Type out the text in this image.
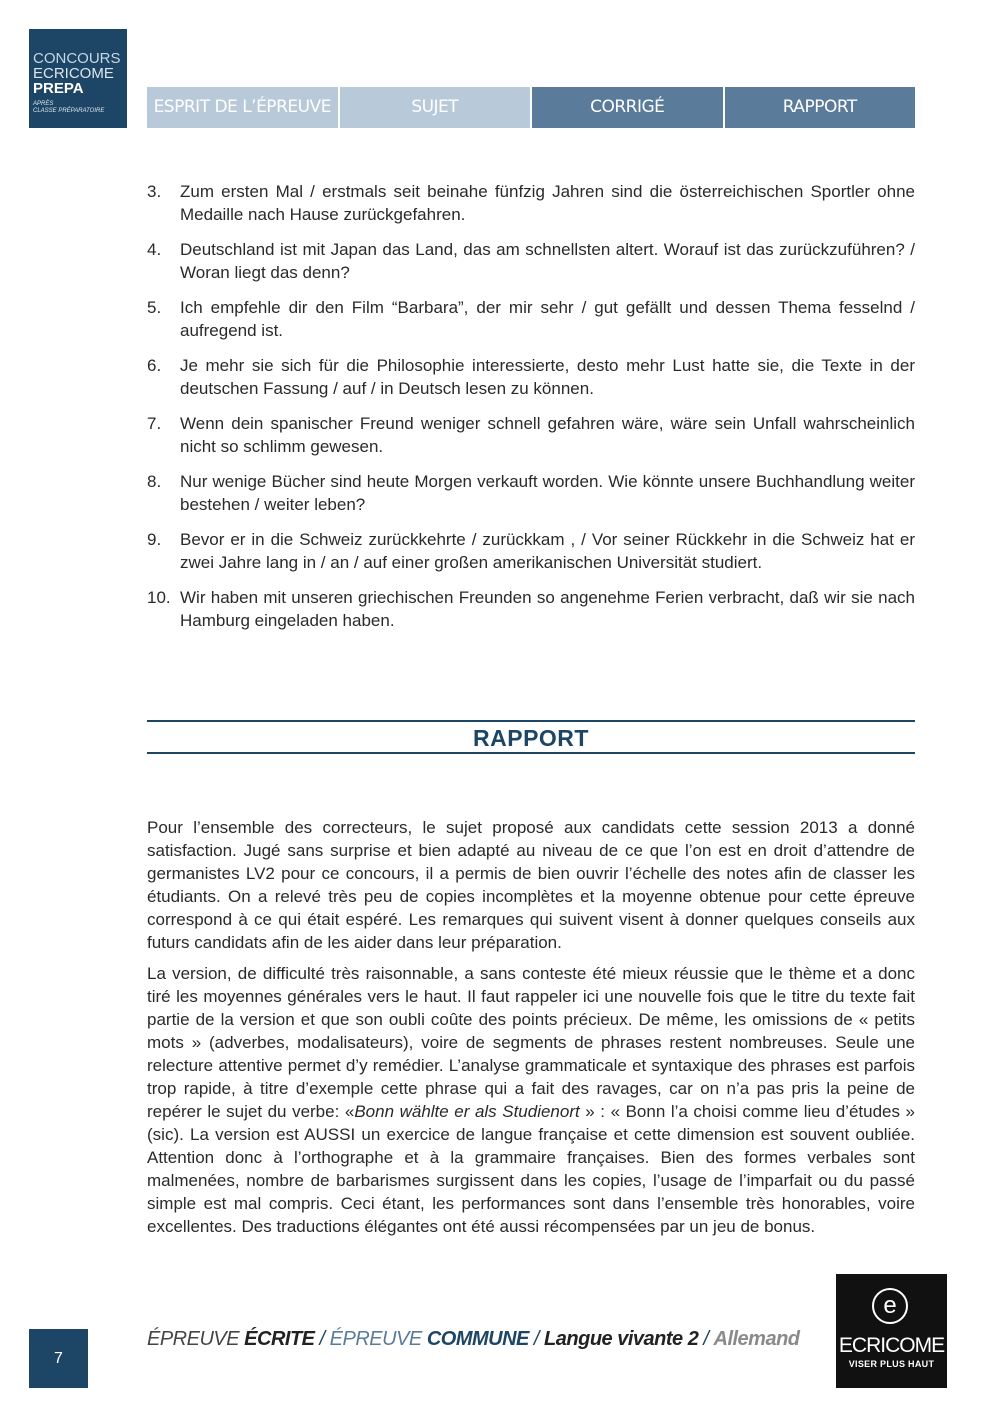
CONCOURS
ECRICOME
PREPA
APRÈS
CLASSE PRÉPARATOIRE	ESPRIT DE L’ÉPREUVE	SUJET	CORRIGÉ	RAPPORT
3. Zum ersten Mal / erstmals seit beinahe fünfzig Jahren sind die österreichischen Sportler ohne Medaille nach Hause zurückgefahren.
4. Deutschland ist mit Japan das Land, das am schnellsten altert. Worauf ist das zurückzuführen? / Woran liegt das denn?
5. Ich empfehle dir den Film “Barbara”, der mir sehr / gut gefällt und dessen Thema fesselnd / aufregend ist.
6. Je mehr sie sich für die Philosophie interessierte, desto mehr Lust hatte sie, die Texte in der deutschen Fassung / auf / in Deutsch lesen zu können.
7. Wenn dein spanischer Freund weniger schnell gefahren wäre, wäre sein Unfall wahrscheinlich nicht so schlimm gewesen.
8. Nur wenige Bücher sind heute Morgen verkauft worden. Wie könnte unsere Buchhandlung weiter bestehen / weiter leben?
9. Bevor er in die Schweiz zurückkehrte / zurückkam , / Vor seiner Rückkehr in die Schweiz hat er zwei Jahre lang in / an / auf einer großen amerikanischen Universität studiert.
10. Wir haben mit unseren griechischen Freunden so angenehme Ferien verbracht, daß wir sie nach Hamburg eingeladen haben.
RAPPORT

Pour l’ensemble des correcteurs, le sujet proposé aux candidats cette session 2013 a donné satisfaction. Jugé sans surprise et bien adapté au niveau de ce que l’on est en droit d’attendre de germanistes LV2 pour ce concours, il a permis de bien ouvrir l’échelle des notes afin de classer les étudiants. On a relevé très peu de copies incomplètes et la moyenne obtenue pour cette épreuve correspond à ce qui était espéré. Les remarques qui suivent visent à donner quelques conseils aux futurs candidats afin de les aider dans leur préparation.

La version, de difficulté très raisonnable, a sans conteste été mieux réussie que le thème et a donc tiré les moyennes générales vers le haut. Il faut rappeler ici une nouvelle fois que le titre du texte fait partie de la version et que son oubli coûte des points précieux. De même, les omissions de « petits mots » (adverbes, modalisateurs), voire de segments de phrases restent nombreuses. Seule une relecture attentive permet d’y remédier. L’analyse grammaticale et syntaxique des phrases est parfois trop rapide, à titre d’exemple cette phrase qui a fait des ravages, car on n’a pas pris la peine de repérer le sujet du verbe: «Bonn wählte er als Studienort » : « Bonn l’a choisi comme lieu d’études » (sic). La version est AUSSI un exercice de langue française et cette dimension est souvent oubliée. Attention donc à l’orthographe et à la grammaire françaises. Bien des formes verbales sont malmenées, nombre de barbarismes surgissent dans les copies, l’usage de l’imparfait ou du passé simple est mal compris. Ceci étant, les performances sont dans l’ensemble très honorables, voire excellentes. Des traductions élégantes ont été aussi récompensées par un jeu de bonus.

7
ÉPREUVE ÉCRITE / ÉPREUVE COMMUNE / Langue vivante 2 / Allemand
e
ECRICOME
VISER PLUS HAUT
